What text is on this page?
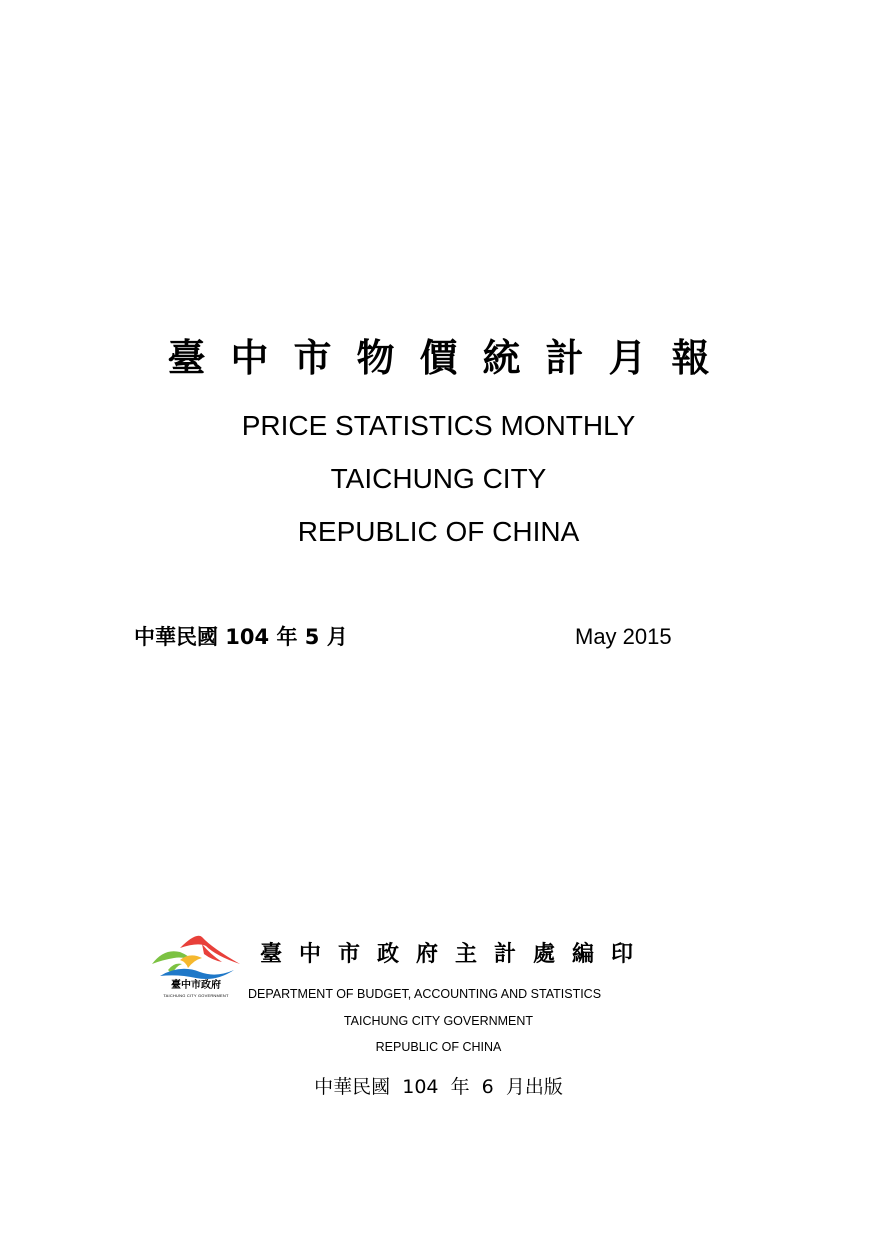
臺中市物價統計月報
PRICE STATISTICS MONTHLY
TAICHUNG CITY
REPUBLIC OF CHINA
中華民國 104 年 5 月	May 2015
臺中市政府
TAICHUNG CITY GOVERNMENT
臺中市政府主計處編印
DEPARTMENT OF BUDGET, ACCOUNTING AND STATISTICS
TAICHUNG CITY GOVERNMENT
REPUBLIC OF CHINA
中華民國  104  年  6  月出版
